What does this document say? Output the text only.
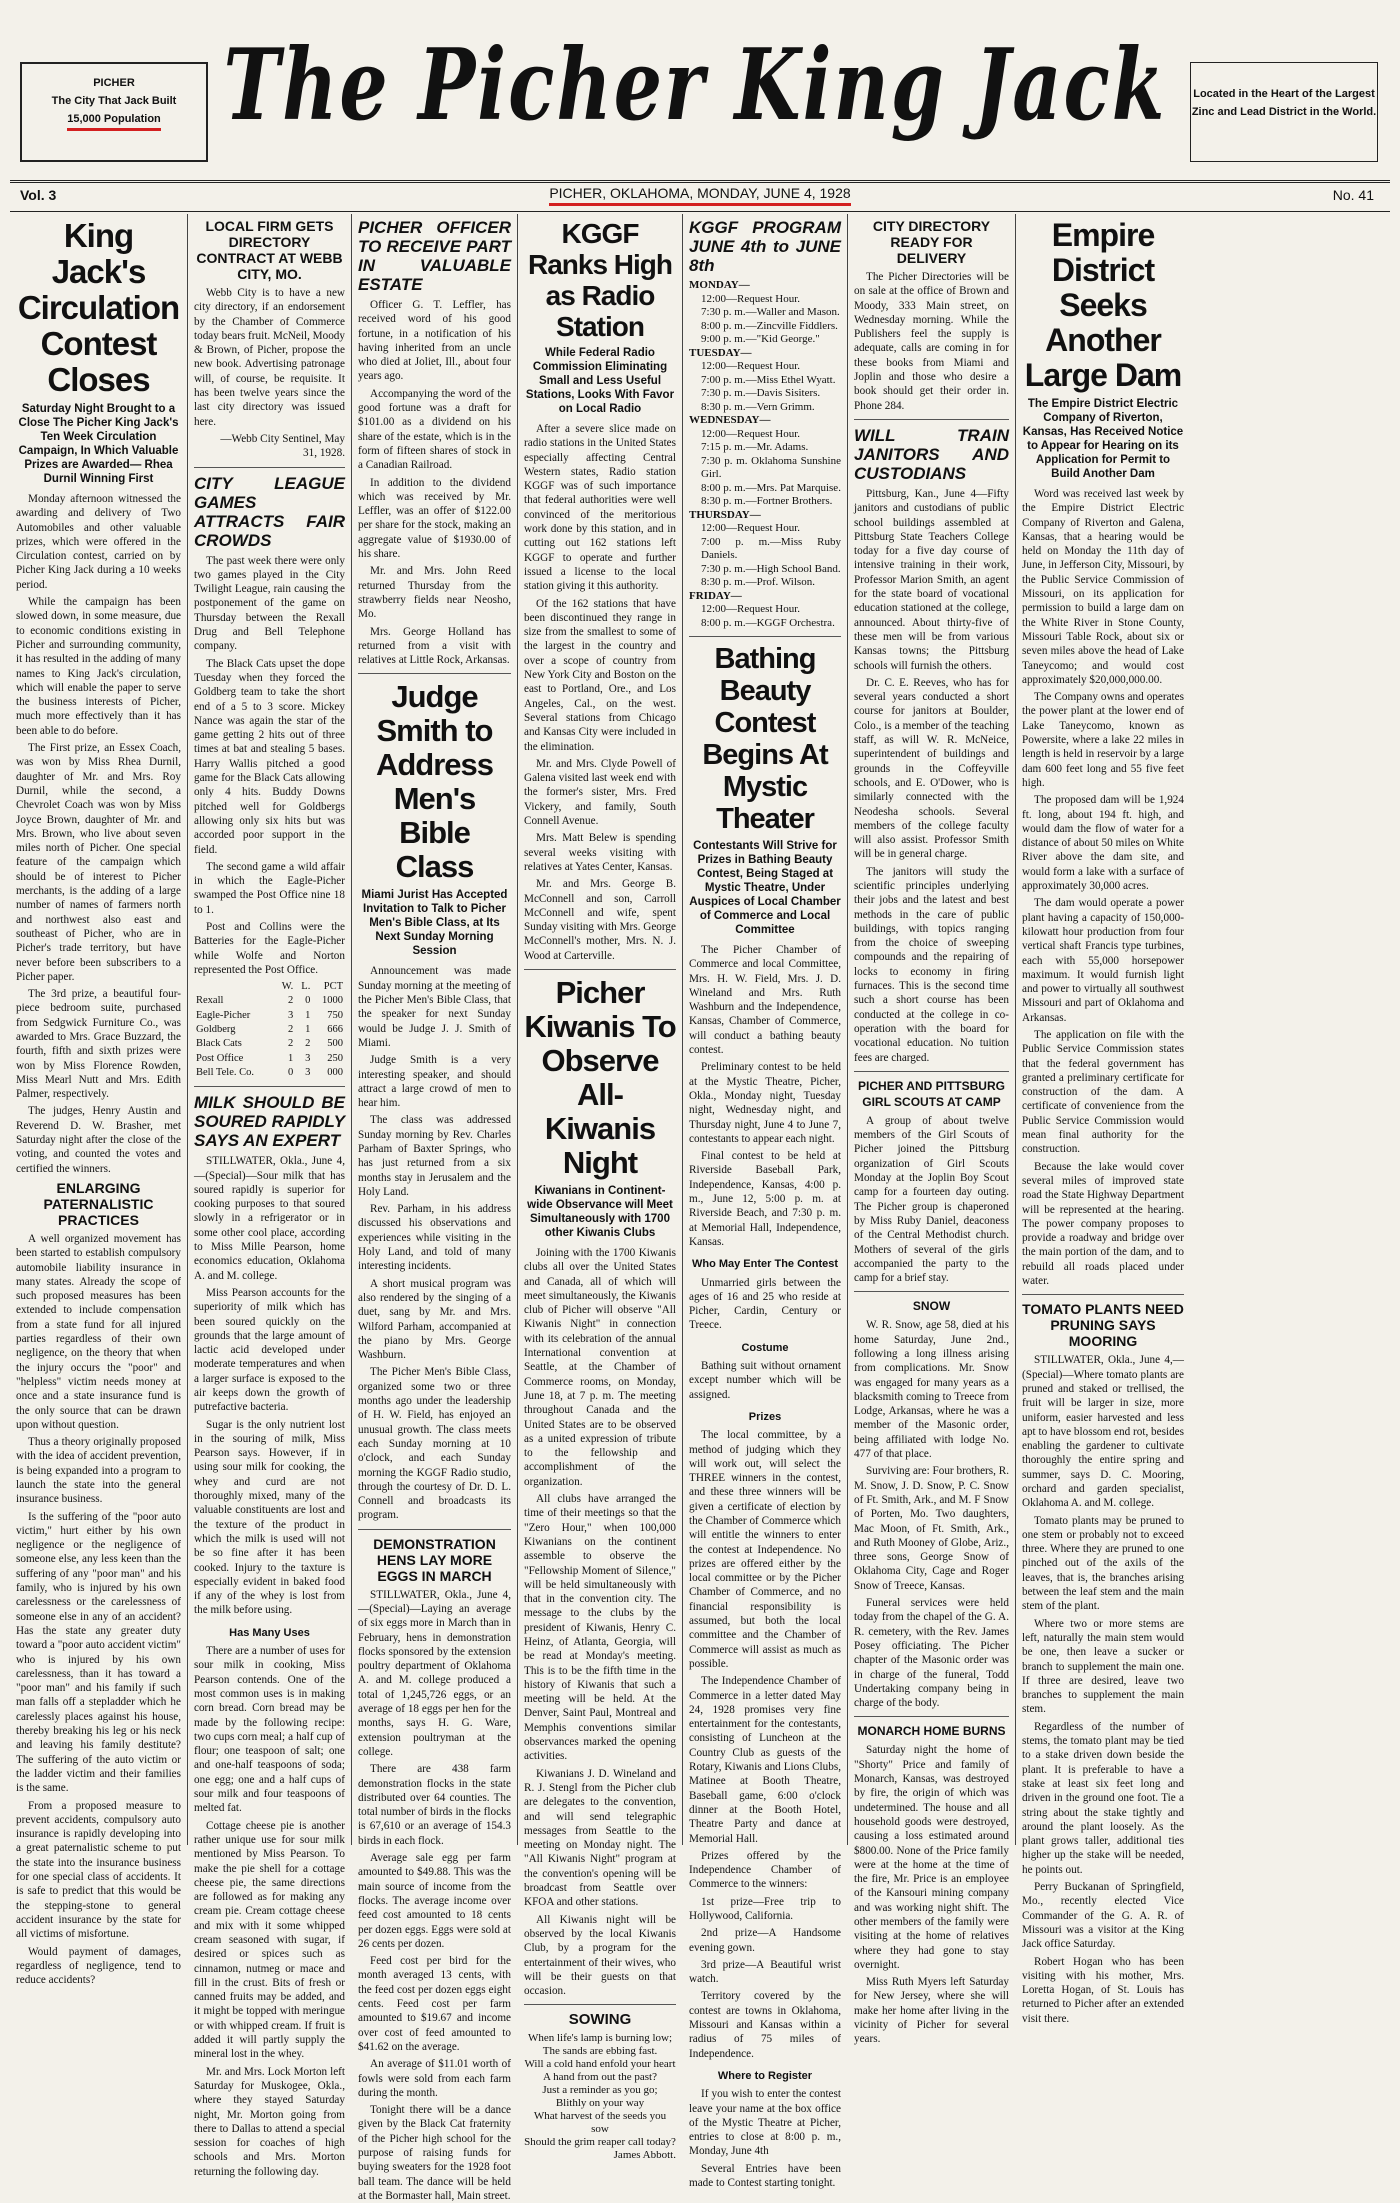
PICHER
The City That Jack Built
15,000 Population The Picher King Jack	Located in the Heart of the Largest Zinc and Lead District in the World.
Vol. 3	PICHER, OKLAHOMA, MONDAY, JUNE 4, 1928	No. 41
King Jack's Circulation Contest Closes
Saturday Night Brought to a Close The Picher King Jack's Ten Week Circulation Campaign, In Which Valuable Prizes are Awarded— Rhea Durnil Winning First

Monday afternoon witnessed the awarding and delivery of Two Automobiles and other valuable prizes, which were offered in the Circulation contest, carried on by Picher King Jack during a 10 weeks period.

While the campaign has been slowed down, in some measure, due to economic conditions existing in Picher and surrounding community, it has resulted in the adding of many names to King Jack's circulation, which will enable the paper to serve the business interests of Picher, much more effectively than it has been able to do before.

The First prize, an Essex Coach, was won by Miss Rhea Durnil, daughter of Mr. and Mrs. Roy Durnil, while the second, a Chevrolet Coach was won by Miss Joyce Brown, daughter of Mr. and Mrs. Brown, who live about seven miles north of Picher. One special feature of the campaign which should be of interest to Picher merchants, is the adding of a large number of names of farmers north and northwest also east and southeast of Picher, who are in Picher's trade territory, but have never before been subscribers to a Picher paper.

The 3rd prize, a beautiful four-piece bedroom suite, purchased from Sedgwick Furniture Co., was awarded to Mrs. Grace Buzzard, the fourth, fifth and sixth prizes were won by Miss Florence Rowden, Miss Mearl Nutt and Mrs. Edith Palmer, respectively.

The judges, Henry Austin and Reverend D. W. Brasher, met Saturday night after the close of the voting, and counted the votes and certified the winners.

ENLARGING PATERNALISTIC PRACTICES

A well organized movement has been started to establish compulsory automobile liability insurance in many states. Already the scope of such proposed measures has been extended to include compensation from a state fund for all injured parties regardless of their own negligence, on the theory that when the injury occurs the "poor" and "helpless" victim needs money at once and a state insurance fund is the only source that can be drawn upon without question.

Thus a theory originally proposed with the idea of accident prevention, is being expanded into a program to launch the state into the general insurance business.

Is the suffering of the "poor auto victim," hurt either by his own negligence or the negligence of someone else, any less keen than the suffering of any "poor man" and his family, who is injured by his own carelessness or the carelessness of someone else in any of an accident? Has the state any greater duty toward a "poor auto accident victim" who is injured by his own carelessness, than it has toward a "poor man" and his family if such man falls off a stepladder which he carelessly places against his house, thereby breaking his leg or his neck and leaving his family destitute? The suffering of the auto victim or the ladder victim and their families is the same.

From a proposed measure to prevent accidents, compulsory auto insurance is rapidly developing into a great paternalistic scheme to put the state into the insurance business for one special class of accidents. It is safe to predict that this would be the stepping-stone to general accident insurance by the state for all victims of misfortune.

Would payment of damages, regardless of negligence, tend to reduce accidents?

LOCAL FIRM GETS DIRECTORY CONTRACT AT WEBB CITY, MO.

Webb City is to have a new city directory, if an endorsement by the Chamber of Commerce today bears fruit. McNeil, Moody & Brown, of Picher, propose the new book. Advertising patronage will, of course, be requisite. It has been twelve years since the last city directory was issued here.

—Webb City Sentinel, May 31, 1928.

CITY LEAGUE GAMES ATTRACTS FAIR CROWDS

The past week there were only two games played in the City Twilight League, rain causing the postponement of the game on Thursday between the Rexall Drug and Bell Telephone company.

The Black Cats upset the dope Tuesday when they forced the Goldberg team to take the short end of a 5 to 3 score. Mickey Nance was again the star of the game getting 2 hits out of three times at bat and stealing 5 bases. Harry Wallis pitched a good game for the Black Cats allowing only 4 hits. Buddy Downs pitched well for Goldbergs allowing only six hits but was accorded poor support in the field.

The second game a wild affair in which the Eagle-Picher swamped the Post Office nine 18 to 1.

Post and Collins were the Batteries for the Eagle-Picher while Wolfe and Norton represented the Post Office.

	W.	L.	PCT
Rexall	2	0	1000
Eagle-Picher	3	1	750
Goldberg	2	1	666
Black Cats	2	2	500
Post Office	1	3	250
Bell Tele. Co.	0	3	000
MILK SHOULD BE SOURED RAPIDLY SAYS AN EXPERT

STILLWATER, Okla., June 4,—(Special)—Sour milk that has soured rapidly is superior for cooking purposes to that soured slowly in a refrigerator or in some other cool place, according to Miss Mille Pearson, home economics education, Oklahoma A. and M. college.

Miss Pearson accounts for the superiority of milk which has been soured quickly on the grounds that the large amount of lactic acid developed under moderate temperatures and when a larger surface is exposed to the air keeps down the growth of putrefactive bacteria.

Sugar is the only nutrient lost in the souring of milk, Miss Pearson says. However, if in using sour milk for cooking, the whey and curd are not thoroughly mixed, many of the valuable constituents are lost and the texture of the product in which the milk is used will not be so fine after it has been cooked. Injury to the taxture is especially evident in baked food if any of the whey is lost from the milk before using.

Has Many Uses

There are a number of uses for sour milk in cooking, Miss Pearson contends. One of the most common uses is in making corn bread. Corn bread may be made by the following recipe: two cups corn meal; a half cup of flour; one teaspoon of salt; one and one-half teaspoons of soda; one egg; one and a half cups of sour milk and four teaspoons of melted fat.

Cottage cheese pie is another rather unique use for sour milk mentioned by Miss Pearson. To make the pie shell for a cottage cheese pie, the same directions are followed as for making any cream pie. Cream cottage cheese and mix with it some whipped cream seasoned with sugar, if desired or spices such as cinnamon, nutmeg or mace and fill in the crust. Bits of fresh or canned fruits may be added, and it might be topped with meringue or with whipped cream. If fruit is added it will partly supply the mineral lost in the whey.

Mr. and Mrs. Lock Morton left Saturday for Muskogee, Okla., where they stayed Saturday night, Mr. Morton going from there to Dallas to attend a special session for coaches of high schools and Mrs. Morton returning the following day.

PICHER OFFICER TO RECEIVE PART IN VALUABLE ESTATE

Officer G. T. Leffler, has received word of his good fortune, in a notification of his having inherited from an uncle who died at Joliet, Ill., about four years ago.

Accompanying the word of the good fortune was a draft for $101.00 as a dividend on his share of the estate, which is in the form of fifteen shares of stock in a Canadian Railroad.

In addition to the dividend which was received by Mr. Leffler, was an offer of $122.00 per share for the stock, making an aggregate value of $1930.00 of his share.

Mr. and Mrs. John Reed returned Thursday from the strawberry fields near Neosho, Mo.

Mrs. George Holland has returned from a visit with relatives at Little Rock, Arkansas.

Judge Smith to Address Men's Bible Class
Miami Jurist Has Accepted Invitation to Talk to Picher Men's Bible Class, at Its Next Sunday Morning Session

Announcement was made Sunday morning at the meeting of the Picher Men's Bible Class, that the speaker for next Sunday would be Judge J. J. Smith of Miami.

Judge Smith is a very interesting speaker, and should attract a large crowd of men to hear him.

The class was addressed Sunday morning by Rev. Charles Parham of Baxter Springs, who has just returned from a six months stay in Jerusalem and the Holy Land.

Rev. Parham, in his address discussed his observations and experiences while visiting in the Holy Land, and told of many interesting incidents.

A short musical program was also rendered by the singing of a duet, sang by Mr. and Mrs. Wilford Parham, accompanied at the piano by Mrs. George Washburn.

The Picher Men's Bible Class, organized some two or three months ago under the leadership of H. W. Field, has enjoyed an unusual growth. The class meets each Sunday morning at 10 o'clock, and each Sunday morning the KGGF Radio studio, through the courtesy of Dr. D. L. Connell and broadcasts its program.

DEMONSTRATION HENS LAY MORE EGGS IN MARCH

STILLWATER, Okla., June 4,—(Special)—Laying an average of six eggs more in March than in February, hens in demonstration flocks sponsored by the extension poultry department of Oklahoma A. and M. college produced a total of 1,245,726 eggs, or an average of 18 eggs per hen for the months, says H. G. Ware, extension poultryman at the college.

There are 438 farm demonstration flocks in the state distributed over 64 counties. The total number of birds in the flocks is 67,610 or an average of 154.3 birds in each flock.

Average sale egg per farm amounted to $49.88. This was the main source of income from the flocks. The average income over feed cost amounted to 18 cents per dozen eggs. Eggs were sold at 26 cents per dozen.

Feed cost per bird for the month averaged 13 cents, with the feed cost per dozen eggs eight cents. Feed cost per farm amounted to $19.67 and income over cost of feed amounted to $41.62 on the average.

An average of $11.01 worth of fowls were sold from each farm during the month.

Tonight there will be a dance given by the Black Cat fraternity of the Picher high school for the purpose of raising funds for buying sweaters for the 1928 foot ball team. The dance will be held at the Bormaster hall, Main street.

KGGF Ranks High as Radio Station
While Federal Radio Commission Eliminating Small and Less Useful Stations, Looks With Favor on Local Radio

After a severe slice made on radio stations in the United States especially affecting Central Western states, Radio station KGGF was of such importance that federal authorities were well convinced of the meritorious work done by this station, and in cutting out 162 stations left KGGF to operate and further issued a license to the local station giving it this authority.

Of the 162 stations that have been discontinued they range in size from the smallest to some of the largest in the country and over a scope of country from New York City and Boston on the east to Portland, Ore., and Los Angeles, Cal., on the west. Several stations from Chicago and Kansas City were included in the elimination.

Mr. and Mrs. Clyde Powell of Galena visited last week end with the former's sister, Mrs. Fred Vickery, and family, South Connell Avenue.

Mrs. Matt Belew is spending several weeks visiting with relatives at Yates Center, Kansas.

Mr. and Mrs. George B. McConnell and son, Carroll McConnell and wife, spent Sunday visiting with Mrs. George McConnell's mother, Mrs. N. J. Wood at Carterville.

Picher Kiwanis To Observe All-Kiwanis Night
Kiwanians in Continent-wide Observance will Meet Simultaneously with 1700 other Kiwanis Clubs

Joining with the 1700 Kiwanis clubs all over the United States and Canada, all of which will meet simultaneously, the Kiwanis club of Picher will observe "All Kiwanis Night" in connection with its celebration of the annual International convention at Seattle, at the Chamber of Commerce rooms, on Monday, June 18, at 7 p. m. The meeting throughout Canada and the United States are to be observed as a united expression of tribute to the fellowship and accomplishment of the organization.

All clubs have arranged the time of their meetings so that the "Zero Hour," when 100,000 Kiwanians on the continent assemble to observe the "Fellowship Moment of Silence," will be held simultaneously with that in the convention city. The message to the clubs by the president of Kiwanis, Henry C. Heinz, of Atlanta, Georgia, will be read at Monday's meeting. This is to be the fifth time in the history of Kiwanis that such a meeting will be held. At the Denver, Saint Paul, Montreal and Memphis conventions similar observances marked the opening activities.

Kiwanians J. D. Wineland and R. J. Stengl from the Picher club are delegates to the convention, and will send telegraphic messages from Seattle to the meeting on Monday night. The "All Kiwanis Night" program at the convention's opening will be broadcast from Seattle over KFOA and other stations.

All Kiwanis night will be observed by the local Kiwanis Club, by a program for the entertainment of their wives, who will be their guests on that occasion.

SOWING
When life's lamp is burning low;
The sands are ebbing fast.
Will a cold hand enfold your heart
A hand from out the past?
Just a reminder as you go;
Blithly on your way
What harvest of the seeds you sow
Should the grim reaper call today?
James Abbott.
KGGF PROGRAM JUNE 4th to JUNE 8th
MONDAY—
12:00—Request Hour.
7:30 p. m.—Waller and Mason.
8:00 p. m.—Zincville Fiddlers.
9:00 p. m.—"Kid George."
TUESDAY—
12:00—Request Hour.
7:00 p. m.—Miss Ethel Wyatt.
7:30 p. m.—Davis Sisiters.
8:30 p. m.—Vern Grimm.
WEDNESDAY—
12:00—Request Hour.
7:15 p. m.—Mr. Adams.
7:30 p. m. Oklahoma Sunshine Girl.
8:00 p. m.—Mrs. Pat Marquise.
8:30 p. m.—Fortner Brothers.
THURSDAY—
12:00—Request Hour.
7:00 p. m.—Miss Ruby Daniels.
7:30 p. m.—High School Band.
8:30 p. m.—Prof. Wilson.
FRIDAY—
12:00—Request Hour.
8:00 p. m.—KGGF Orchestra.
Bathing Beauty Contest Begins At Mystic Theater
Contestants Will Strive for Prizes in Bathing Beauty Contest, Being Staged at Mystic Theatre, Under Auspices of Local Chamber of Commerce and Local Committee

The Picher Chamber of Commerce and local Committee, Mrs. H. W. Field, Mrs. J. D. Wineland and Mrs. Ruth Washburn and the Independence, Kansas, Chamber of Commerce, will conduct a bathing beauty contest.

Preliminary contest to be held at the Mystic Theatre, Picher, Okla., Monday night, Tuesday night, Wednesday night, and Thursday night, June 4 to June 7, contestants to appear each night.

Final contest to be held at Riverside Baseball Park, Independence, Kansas, 4:00 p. m., June 12, 5:00 p. m. at Riverside Beach, and 7:30 p. m. at Memorial Hall, Independence, Kansas.

Who May Enter The Contest

Unmarried girls between the ages of 16 and 25 who reside at Picher, Cardin, Century or Treece.

Costume

Bathing suit without ornament except number which will be assigned.

Prizes

The local committee, by a method of judging which they will work out, will select the THREE winners in the contest, and these three winners will be given a certificate of election by the Chamber of Commerce which will entitle the winners to enter the contest at Independence. No prizes are offered either by the local committee or by the Picher Chamber of Commerce, and no financial responsibility is assumed, but both the local committee and the Chamber of Commerce will assist as much as possible.

The Independence Chamber of Commerce in a letter dated May 24, 1928 promises very fine entertainment for the contestants, consisting of Luncheon at the Country Club as guests of the Rotary, Kiwanis and Lions Clubs, Matinee at Booth Theatre, Baseball game, 6:00 o'clock dinner at the Booth Hotel, Theatre Party and dance at Memorial Hall.

Prizes offered by the Independence Chamber of Commerce to the winners:

1st prize—Free trip to Hollywood, California.

2nd prize—A Handsome evening gown.

3rd prize—A Beautiful wrist watch.

Territory covered by the contest are towns in Oklahoma, Missouri and Kansas within a radius of 75 miles of Independence.

Where to Register

If you wish to enter the contest leave your name at the box office of the Mystic Theatre at Picher, entries to close at 8:00 p. m., Monday, June 4th

Several Entries have been made to Contest starting tonight.

CITY DIRECTORY READY FOR DELIVERY

The Picher Directories will be on sale at the office of Brown and Moody, 333 Main street, on Wednesday morning. While the Publishers feel the supply is adequate, calls are coming in for these books from Miami and Joplin and those who desire a book should get their order in. Phone 284.

WILL TRAIN JANITORS AND CUSTODIANS

Pittsburg, Kan., June 4—Fifty janitors and custodians of public school buildings assembled at Pittsburg State Teachers College today for a five day course of intensive training in their work, Professor Marion Smith, an agent for the state board of vocational education stationed at the college, announced. About thirty-five of these men will be from various Kansas towns; the Pittsburg schools will furnish the others.

Dr. C. E. Reeves, who has for several years conducted a short course for janitors at Boulder, Colo., is a member of the teaching staff, as will W. R. McNeice, superintendent of buildings and grounds in the Coffeyville schools, and E. O'Dower, who is similarly connected with the Neodesha schools. Several members of the college faculty will also assist. Professor Smith will be in general charge.

The janitors will study the scientific principles underlying their jobs and the latest and best methods in the care of public buildings, with topics ranging from the choice of sweeping compounds and the repairing of locks to economy in firing furnaces. This is the second time such a short course has been conducted at the college in co-operation with the board for vocational education. No tuition fees are charged.

PICHER AND PITTSBURG GIRL SCOUTS AT CAMP

A group of about twelve members of the Girl Scouts of Picher joined the Pittsburg organization of Girl Scouts Monday at the Joplin Boy Scout camp for a fourteen day outing. The Picher group is chaperoned by Miss Ruby Daniel, deaconess of the Central Methodist church. Mothers of several of the girls accompanied the party to the camp for a brief stay.

SNOW

W. R. Snow, age 58, died at his home Saturday, June 2nd., following a long illness arising from complications. Mr. Snow was engaged for many years as a blacksmith coming to Treece from Lodge, Arkansas, where he was a member of the Masonic order, being affiliated with lodge No. 477 of that place.

Surviving are: Four brothers, R. M. Snow, J. D. Snow, P. C. Snow of Ft. Smith, Ark., and M. F Snow of Porten, Mo. Two daughters, Mac Moon, of Ft. Smith, Ark., and Ruth Mooney of Globe, Ariz., three sons, George Snow of Oklahoma City, Cage and Roger Snow of Treece, Kansas.

Funeral services were held today from the chapel of the G. A. R. cemetery, with the Rev. James Posey officiating. The Picher chapter of the Masonic order was in charge of the funeral, Todd Undertaking company being in charge of the body.

MONARCH HOME BURNS

Saturday night the home of "Shorty" Price and family of Monarch, Kansas, was destroyed by fire, the origin of which was undetermined. The house and all household goods were destroyed, causing a loss estimated around $800.00. None of the Price family were at the home at the time of the fire, Mr. Price is an employee of the Kansouri mining company and was working night shift. The other members of the family were visiting at the home of relatives where they had gone to stay overnight.

Miss Ruth Myers left Saturday for New Jersey, where she will make her home after living in the vicinity of Picher for several years.

Empire District Seeks Another Large Dam
The Empire District Electric Company of Riverton, Kansas, Has Received Notice to Appear for Hearing on its Application for Permit to Build Another Dam

Word was received last week by the Empire District Electric Company of Riverton and Galena, Kansas, that a hearing would be held on Monday the 11th day of June, in Jefferson City, Missouri, by the Public Service Commission of Missouri, on its application for permission to build a large dam on the White River in Stone County, Missouri Table Rock, about six or seven miles above the head of Lake Taneycomo; and would cost approximately $20,000,000.00.

The Company owns and operates the power plant at the lower end of Lake Taneycomo, known as Powersite, where a lake 22 miles in length is held in reservoir by a large dam 600 feet long and 55 five feet high.

The proposed dam will be 1,924 ft. long, about 194 ft. high, and would dam the flow of water for a distance of about 50 miles on White River above the dam site, and would form a lake with a surface of approximately 30,000 acres.

The dam would operate a power plant having a capacity of 150,000-kilowatt hour production from four vertical shaft Francis type turbines, each with 55,000 horsepower maximum. It would furnish light and power to virtually all southwest Missouri and part of Oklahoma and Arkansas.

The application on file with the Public Service Commission states that the federal government has granted a preliminary certificate for construction of the dam. A certificate of convenience from the Public Service Commission would mean final authority for the construction.

Because the lake would cover several miles of improved state road the State Highway Department will be represented at the hearing. The power company proposes to provide a roadway and bridge over the main portion of the dam, and to rebuild all roads placed under water.

TOMATO PLANTS NEED PRUNING SAYS MOORING

STILLWATER, Okla., June 4,—(Special)—Where tomato plants are pruned and staked or trellised, the fruit will be larger in size, more uniform, easier harvested and less apt to have blossom end rot, besides enabling the gardener to cultivate thoroughly the entire spring and summer, says D. C. Mooring, orchard and garden specialist, Oklahoma A. and M. college.

Tomato plants may be pruned to one stem or probably not to exceed three. Where they are pruned to one pinched out of the axils of the leaves, that is, the branches arising between the leaf stem and the main stem of the plant.

Where two or more stems are left, naturally the main stem would be one, then leave a sucker or branch to supplement the main one. If three are desired, leave two branches to supplement the main stem.

Regardless of the number of stems, the tomato plant may be tied to a stake driven down beside the plant. It is preferable to have a stake at least six feet long and driven in the ground one foot. Tie a string about the stake tightly and around the plant loosely. As the plant grows taller, additional ties higher up the stake will be needed, he points out.

Perry Buckanan of Springfield, Mo., recently elected Vice Commander of the G. A. R. of Missouri was a visitor at the King Jack office Saturday.

Robert Hogan who has been visiting with his mother, Mrs. Loretta Hogan, of St. Louis has returned to Picher after an extended visit there.
